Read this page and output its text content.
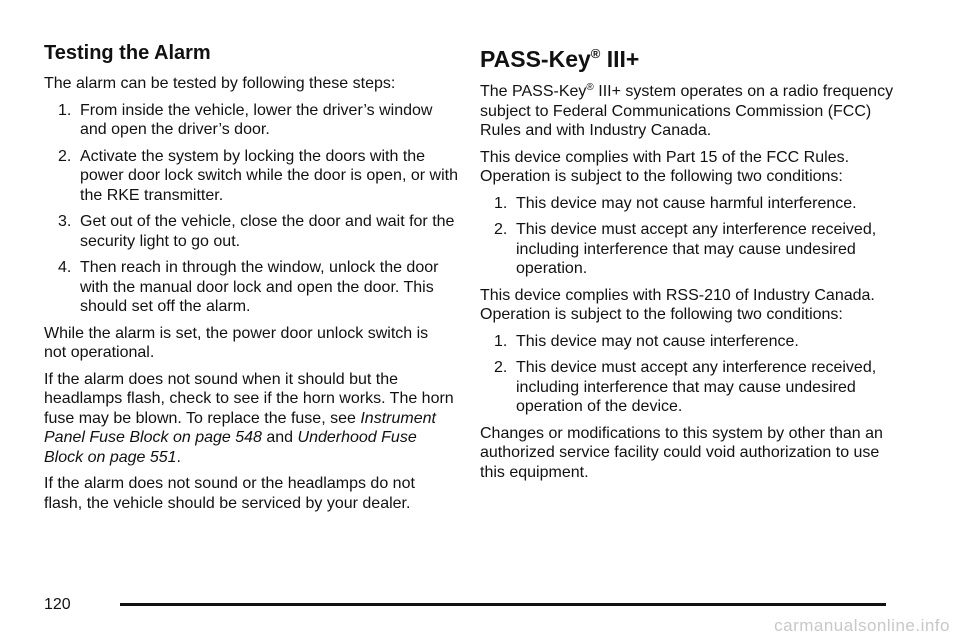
Testing the Alarm

The alarm can be tested by following these steps:

1. From inside the vehicle, lower the driver’s window and open the driver’s door.
2. Activate the system by locking the doors with the power door lock switch while the door is open, or with the RKE transmitter.
3. Get out of the vehicle, close the door and wait for the security light to go out.
4. Then reach in through the window, unlock the door with the manual door lock and open the door. This should set off the alarm.

While the alarm is set, the power door unlock switch is not operational.

If the alarm does not sound when it should but the headlamps flash, check to see if the horn works. The horn fuse may be blown. To replace the fuse, see Instrument Panel Fuse Block on page 548 and Underhood Fuse Block on page 551.

If the alarm does not sound or the headlamps do not flash, the vehicle should be serviced by your dealer.

PASS-Key® III+

The PASS-Key® III+ system operates on a radio frequency subject to Federal Communications Commission (FCC) Rules and with Industry Canada.

This device complies with Part 15 of the FCC Rules. Operation is subject to the following two conditions:

1. This device may not cause harmful interference.
2. This device must accept any interference received, including interference that may cause undesired operation.

This device complies with RSS-210 of Industry Canada. Operation is subject to the following two conditions:

1. This device may not cause interference.
2. This device must accept any interference received, including interference that may cause undesired operation of the device.

Changes or modifications to this system by other than an authorized service facility could void authorization to use this equipment.

120
carmanualsonline.info
